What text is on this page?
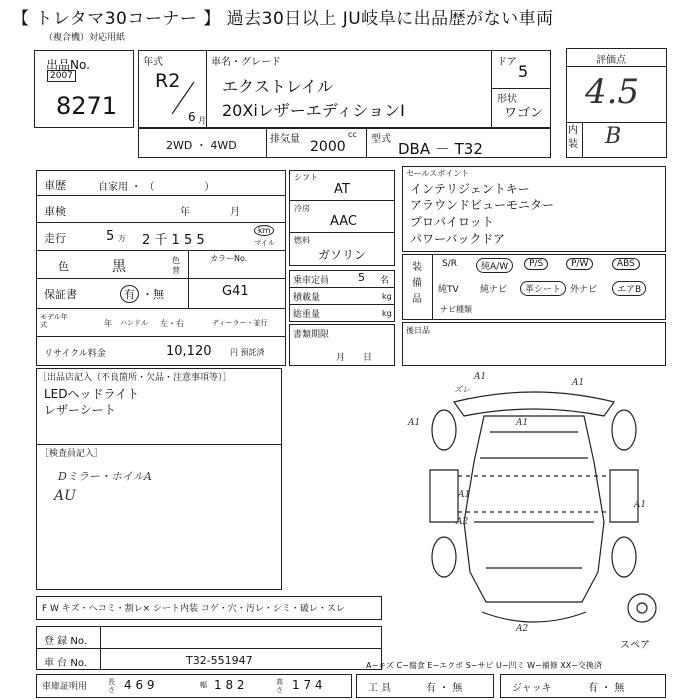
【 トレタマ30コーナー 】 過去30日以上 JU岐阜に出品歴がない車両
（複合機）対応用紙
出品No.
2007
8271
年式
R2
6 月
車名・グレード
エクストレイル
20XiレザーエディションI
ドア 5
形状
ワゴン
2WD ・ 4WD	排気量 2000
cc 型式
DBA － T32
評価点
4.5
内装 B
車歴	自家用 ・ （　　　　　）
車検	年　　　　月
走行	5 万 2 千 1 5 5
km
マイル
色	黒	色替
カラーNo.
G41
保証書	有 ・無
モデル年式	年 ハンドル 左・右	ディーラー・並行
リサイクル料金	10,120 円 預託済
シフト
AT
冷房
AAC
燃料
ガソリン
乗車定員	5 名
積載量	kg
総重量	kg
書類期限
月　　日
セールスポイント
インテリジェントキー
アラウンドビューモニター
プロパイロット
パワーバックドア
装備品
S/R	純A/W	P/S	P/W	ABS
純TV 純ナビ	革シート 外ナビ	エアB
ナビ種類
後日品
［出品店記入（不良箇所・欠品・注意事項等）］
LEDヘッドライト
レザーシート
［検査員記入］
Dミラー・ホイルA
AU
A1
A1
A1	A1
A1
A2
A1
A2
ズレ
スペア
F W キズ・ヘコミ・割レ× シート内装 コゲ・穴・汚レ・シミ・破レ・スレ
登 録 No.
車 台 No.	T32-551947
車庫証明用	長さ 4 6 9	幅 1 8 2	高さ 1 7 4
A−キズ C−腐食 E−エクボ S−サビ U−凹ミ W−補修 XX−交換済
工 具	有 ・ 無	ジャッキ	有 ・ 無
